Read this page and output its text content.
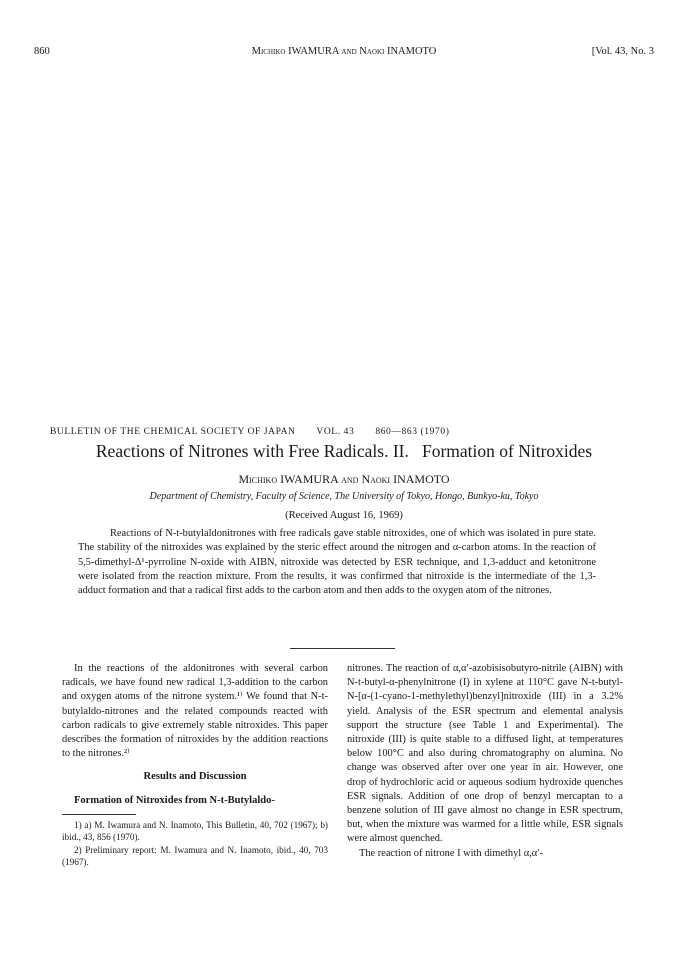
860	Michiko IWAMURA and Naoki INAMOTO	[Vol. 43, No. 3
BULLETIN OF THE CHEMICAL SOCIETY OF JAPAN VOL. 43 860—863 (1970)
Reactions of Nitrones with Free Radicals. II.   Formation of Nitroxides
Michiko IWAMURA and Naoki INAMOTO
Department of Chemistry, Faculty of Science, The University of Tokyo, Hongo, Bunkyo-ku, Tokyo
(Received August 16, 1969)
Reactions of N-t-butylaldonitrones with free radicals gave stable nitroxides, one of which was isolated in pure state. The stability of the nitroxides was explained by the steric effect around the nitrogen and α-carbon atoms. In the reaction of 5,5-dimethyl-Δ¹-pyrroline N-oxide with AIBN, nitroxide was detected by ESR technique, and 1,3-adduct and ketonitrone were isolated from the reaction mixture. From the results, it was confirmed that nitroxide is the intermediate of the 1,3-adduct formation and that a radical first adds to the carbon atom and then adds to the oxygen atom of the nitrones.

In the reactions of the aldonitrones with several carbon radicals, we have found new radical 1,3-addition to the carbon and oxygen atoms of the nitrone system.¹⁾ We found that N-t-butylaldo-nitrones and the related compounds reacted with carbon radicals to give extremely stable nitroxides. This paper describes the formation of nitroxides by the addition reactions to the nitrones.²⁾

Results and Discussion
Formation of Nitroxides from N-t-Butylaldo-

1) a) M. Iwamura and N. Inamoto, This Bulletin, 40, 702 (1967); b) ibid., 43, 856 (1970).

2) Preliminary report: M. Iwamura and N. Inamoto, ibid., 40, 703 (1967).

nitrones. The reaction of α,α′-azobisisobutyro-nitrile (AIBN) with N-t-butyl-α-phenylnitrone (I) in xylene at 110°C gave N-t-butyl-N-[α-(1-cyano-1-methylethyl)benzyl]nitroxide (III) in a 3.2% yield. Analysis of the ESR spectrum and elemental analysis support the structure (see Table 1 and Experimental). The nitroxide (III) is quite stable to a diffused light, at temperatures below 100°C and also during chromatography on alumina. No change was observed after over one year in air. However, one drop of hydrochloric acid or aqueous sodium hydroxide quenches ESR signals. Addition of one drop of benzyl mercaptan to a benzene solution of III gave almost no change in ESR spectrum, but, when the mixture was warmed for a little while, ESR signals were almost quenched.

The reaction of nitrone I with dimethyl α,α′-
